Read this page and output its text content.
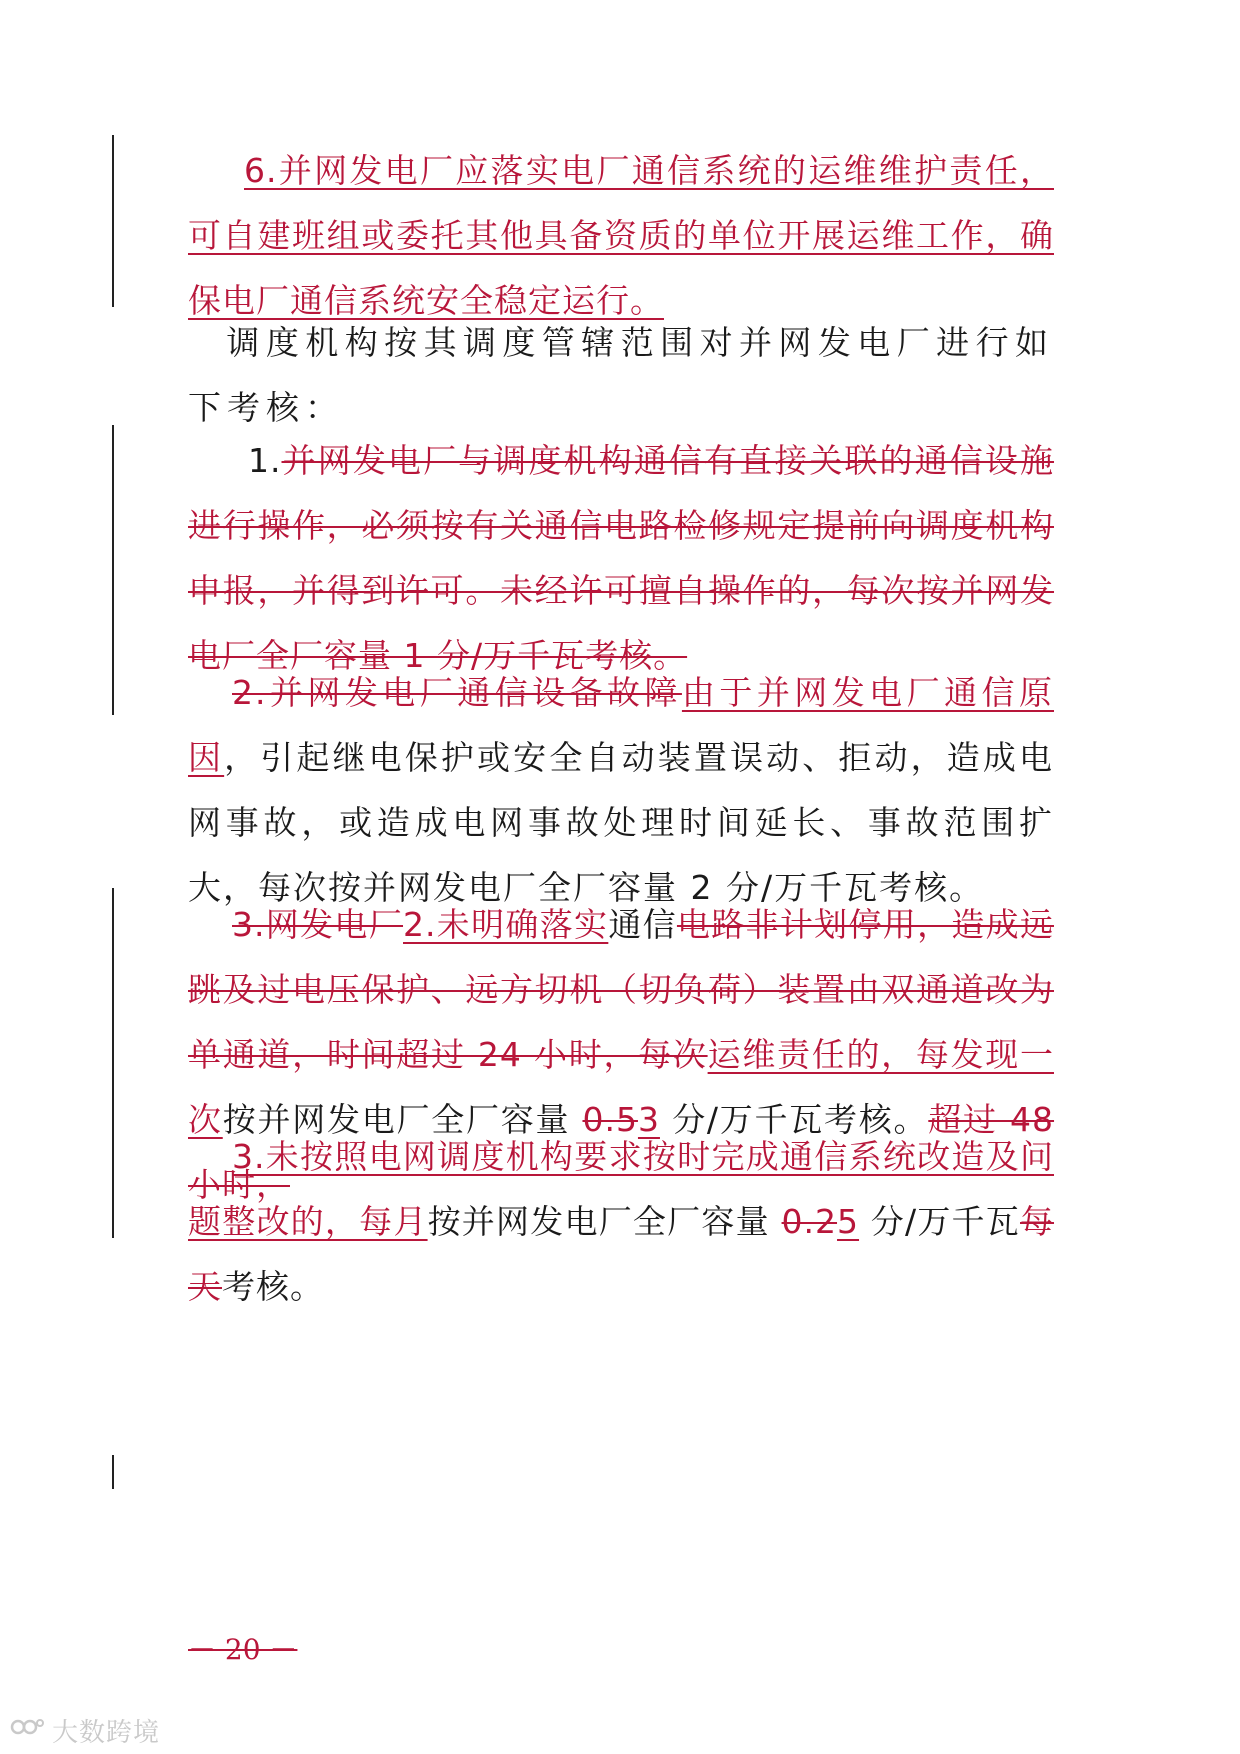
6.并网发电厂应落实电厂通信系统的运维维护责任，可自建班组或委托其他具备资质的单位开展运维工作，确保电厂通信系统安全稳定运行。

调度机构按其调度管辖范围对并网发电厂进行如下考核：

1.并网发电厂与调度机构通信有直接关联的通信设施进行操作，必须按有关通信电路检修规定提前向调度机构申报，并得到许可。未经许可擅自操作的，每次按并网发电厂全厂容量 1 分/万千瓦考核。

2.并网发电厂通信设备故障由于并网发电厂通信原因，引起继电保护或安全自动装置误动、拒动，造成电网事故，或造成电网事故处理时间延长、事故范围扩大，每次按并网发电厂全厂容量 2 分/万千瓦考核。

3.网发电厂2.未明确落实通信电路非计划停用，造成远跳及过电压保护、远方切机（切负荷）装置由双通道改为单通道，时间超过 24 小时，每次运维责任的，每发现一次按并网发电厂全厂容量 0.53 分/万千瓦考核。超过 48 小时，

3.未按照电网调度机构要求按时完成通信系统改造及问题整改的，每月按并网发电厂全厂容量 0.25 分/万千瓦每天考核。

－ 20 －
大数跨境
